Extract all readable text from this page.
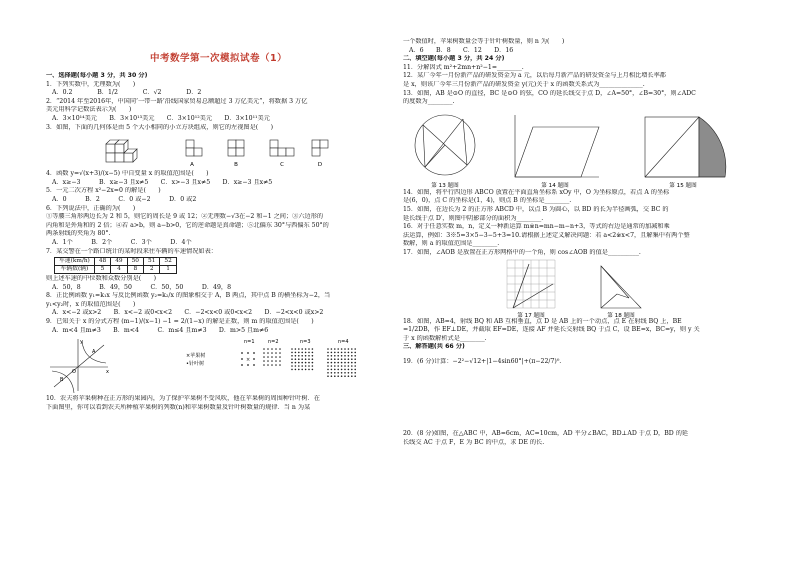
中考数学第一次模拟试卷（1）

一、选择题(每小题 3 分，共 30 分)

1．下列实数中，无理数为(　　)

A．0.2　　　　B．1/2　　　　C．√2　　　　D．2

2．“2014 年至2016年，中国同‘一带一路’沿线国家贸易总额超过 3 万亿美元”，将数据 3 万亿

美元用科学记数法表示为(　　)

A．3×10¹⁴美元　　B．3×10¹³美元　　C．3×10¹²美元　　D．3×10¹¹美元

3．如图，下面的几何体是由 5 个大小相同的小立方块组成，则它的左视图是(　　)

A	B	C	D

4．函数 y=√(x+3)/(x−5) 中自变量 x 的取值范围是(　　)

A．x≥−3　　　B．x≥−3 且x≠5　　C．x>−3 且x≠5　　D．x≥−3 且x≠5

5．一元二次方程 x²−2x=0 的解是(　　)

A．0　　　B．2　　　C．0 或−2　　　D．0 或2

6．下列说法中，正确的为(　　)

①等腰三角形两边长为 2 和 5，则它的周长是 9 或 12；②无理数−√3在−2 和−1 之间；③六边形的

内角和是外角和的 2 倍；④若 a>b，则 a−b>0，它的逆命题是真命题；⑤北偏东 30°与西偏东 50°的

两条射线的夹角为 80°.

A．1个　　　B．2个　　　C．3个　　　D．4个

7．某交警在一个路口统计的某时段来往车辆的车速情况如表：

车速(km/h)	48	49	50	51	52
车辆数(辆)	5	4	8	2	1

则上述车速的中位数和众数分别是(　　)

A．50，8　　　B．49，50　　　C．50，50　　　D．49，8

8．正比例函数 y₁=k₁x 与反比例函数 y₂=k₂/x 的图象相交于 A，B 两点，其中点 B 的横坐标为−2，当

y₁<y₂时，x 的取值范围是(　　)

A．x<−2 或x>2　　B．x<−2 或0<x<2　　C．−2<x<0 或0<x<2　　D．−2<x<0 或x>2

9．已知关于 x 的分式方程 (m−1)/(x−1) −1 = 2/(1−x) 的解是正数，则 m 的取值范围是(　　)

A．m<4 且m≠3　　B．m<4　　　C．m≤4 且m≠3　　D．m>5 且m≠6

x
y
O
A
B
×苹果树
•针叶树
n=1	n=2	n=3	n=4
×

10．农夫将苹果树种在正方形的果园内，为了保护苹果树不受风吹，他在苹果树的周围种针叶树．在

下面图里，你可以看到农夫所种植苹果树的列数(n)和苹果树数量及针叶树数量的规律．当 n 为某

一个数值时，苹果树数量会等于针叶树数量，则 n 为(　　)

A．6　　B．8　　C．12　　D．16

二、填空题(每小题 3 分，共 24 分)

11．分解因式 m²+2mn+n²−1=________.

12．某厂今年一月份新产品的研发资金为 a 元，以后每月新产品的研发资金与上月相比增长率都

是 x，则该厂今年三月份新产品的研发资金 y(元)关于 x 的函数关系式为______________.

13．如图，AB 是⊙O 的直径，BC 是⊙O 的弦，CO 的延长线交于点 D，∠A=50°，∠B=30°，则∠ADC

的度数为________.

第 13 题图	第 14 题图	第 15 题图

14．如图，将平行四边形 ABCO 放置在平面直角坐标系 xOy 中，O 为坐标原点，若点 A 的坐标

是(6，0)，点 C 的坐标是(1，4)，则点 B 的坐标是________.

15．如图，在边长为 2 的正方形 ABCD 中，以点 B 为圆心，以 BD 的长为半径画弧，交 BC 的

延长线于点 D′，则图中阴影部分的面积为________.

16．对于任意实数 m，n，定义一种新运算 m※n=mn−m−n+3，等式的右边是通常的加减和乘

法运算，例如：3※5=3×5−3−5+3=10.请根据上述定义解决问题：若 a<2※x<7，且解集中有两个整

数解，则 a 的取值范围是________.

17．如图，∠AOB 是放置在正方形网格中的一个角，则 cos∠AOB 的值是__________.

第 17 题图	第 18 题图

18．如图，AB=4，射线 BQ 和 AB 互相垂直，点 D 是 AB 上的一个动点，点 E 在射线 BQ 上，BE

=1/2DB，作 EF⊥DE，并截取 EF=DE，连接 AF 并延长交射线 BQ 于点 C，设 BE=x，BC=y，则 y 关

于 x 的函数解析式是________.

三、解答题(共 66 分)

19．(6 分)计算：−2²−√12+|1−4sin60°|+(π−22/7)⁰.

20．(8 分)如图，在△ABC 中，AB=6cm，AC=10cm，AD 平分∠BAC，BD⊥AD 于点 D，BD 的延

长线交 AC 于点 F，E 为 BC 的中点，求 DE 的长.
